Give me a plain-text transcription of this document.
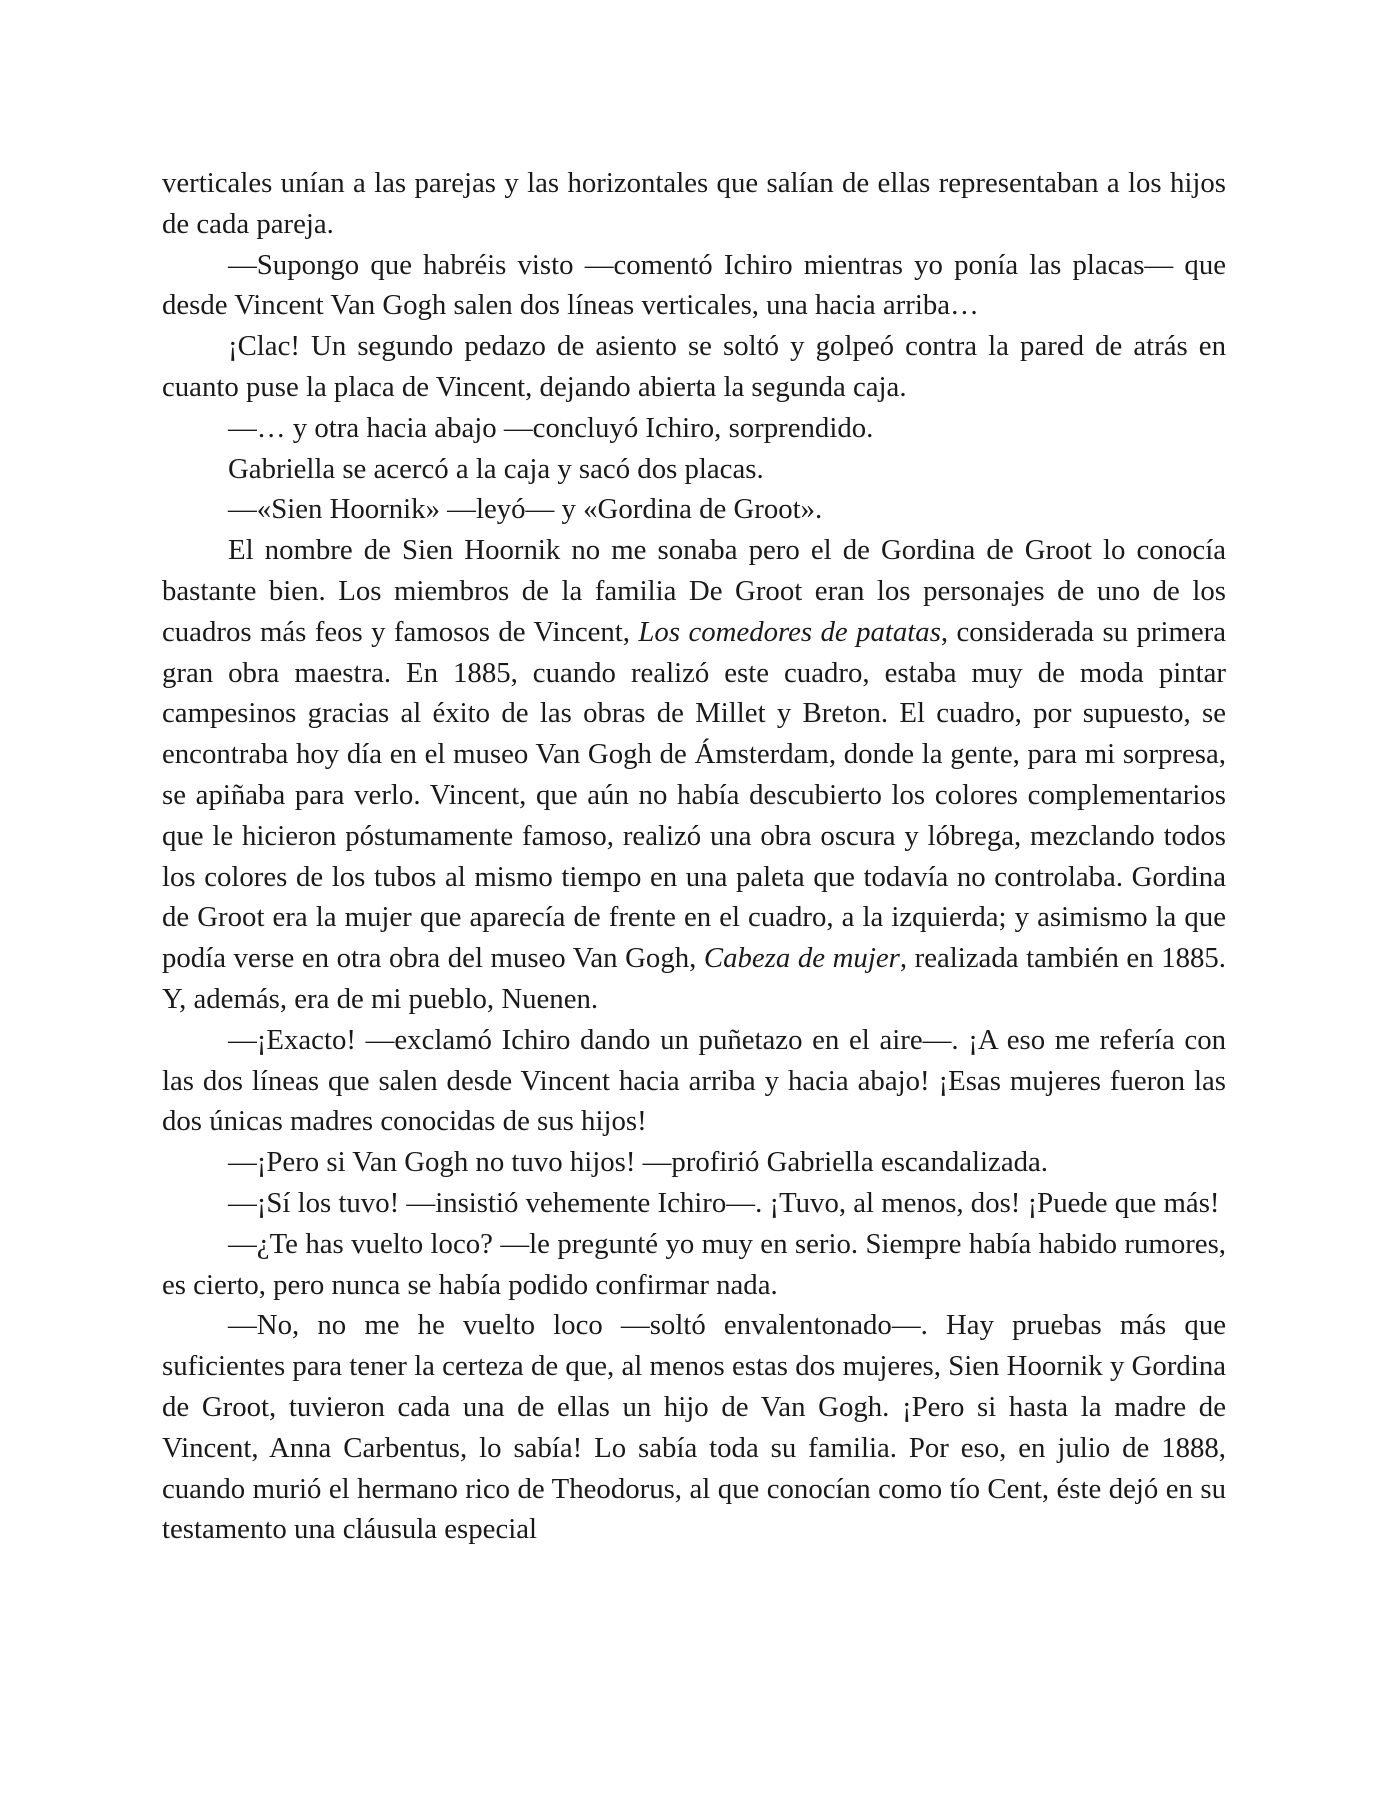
verticales unían a las parejas y las horizontales que salían de ellas representaban a los hijos de cada pareja.

—Supongo que habréis visto —comentó Ichiro mientras yo ponía las placas— que desde Vincent Van Gogh salen dos líneas verticales, una hacia arriba…

¡Clac! Un segundo pedazo de asiento se soltó y golpeó contra la pared de atrás en cuanto puse la placa de Vincent, dejando abierta la segunda caja.

—… y otra hacia abajo —concluyó Ichiro, sorprendido.

Gabriella se acercó a la caja y sacó dos placas.

—«Sien Hoornik» —leyó— y «Gordina de Groot».

El nombre de Sien Hoornik no me sonaba pero el de Gordina de Groot lo conocía bastante bien. Los miembros de la familia De Groot eran los personajes de uno de los cuadros más feos y famosos de Vincent, Los comedores de patatas, considerada su primera gran obra maestra. En 1885, cuando realizó este cuadro, estaba muy de moda pintar campesinos gracias al éxito de las obras de Millet y Breton. El cuadro, por supuesto, se encontraba hoy día en el museo Van Gogh de Ámsterdam, donde la gente, para mi sorpresa, se apiñaba para verlo. Vincent, que aún no había descubierto los colores complementarios que le hicieron póstumamente famoso, realizó una obra oscura y lóbrega, mezclando todos los colores de los tubos al mismo tiempo en una paleta que todavía no controlaba. Gordina de Groot era la mujer que aparecía de frente en el cuadro, a la izquierda; y asimismo la que podía verse en otra obra del museo Van Gogh, Cabeza de mujer, realizada también en 1885. Y, además, era de mi pueblo, Nuenen.

—¡Exacto! —exclamó Ichiro dando un puñetazo en el aire—. ¡A eso me refería con las dos líneas que salen desde Vincent hacia arriba y hacia abajo! ¡Esas mujeres fueron las dos únicas madres conocidas de sus hijos!

—¡Pero si Van Gogh no tuvo hijos! —profirió Gabriella escandalizada.

—¡Sí los tuvo! —insistió vehemente Ichiro—. ¡Tuvo, al menos, dos! ¡Puede que más!

—¿Te has vuelto loco? —le pregunté yo muy en serio. Siempre había habido rumores, es cierto, pero nunca se había podido confirmar nada.

—No, no me he vuelto loco —soltó envalentonado—. Hay pruebas más que suficientes para tener la certeza de que, al menos estas dos mujeres, Sien Hoornik y Gordina de Groot, tuvieron cada una de ellas un hijo de Van Gogh. ¡Pero si hasta la madre de Vincent, Anna Carbentus, lo sabía! Lo sabía toda su familia. Por eso, en julio de 1888, cuando murió el hermano rico de Theodorus, al que conocían como tío Cent, éste dejó en su testamento una cláusula especial
